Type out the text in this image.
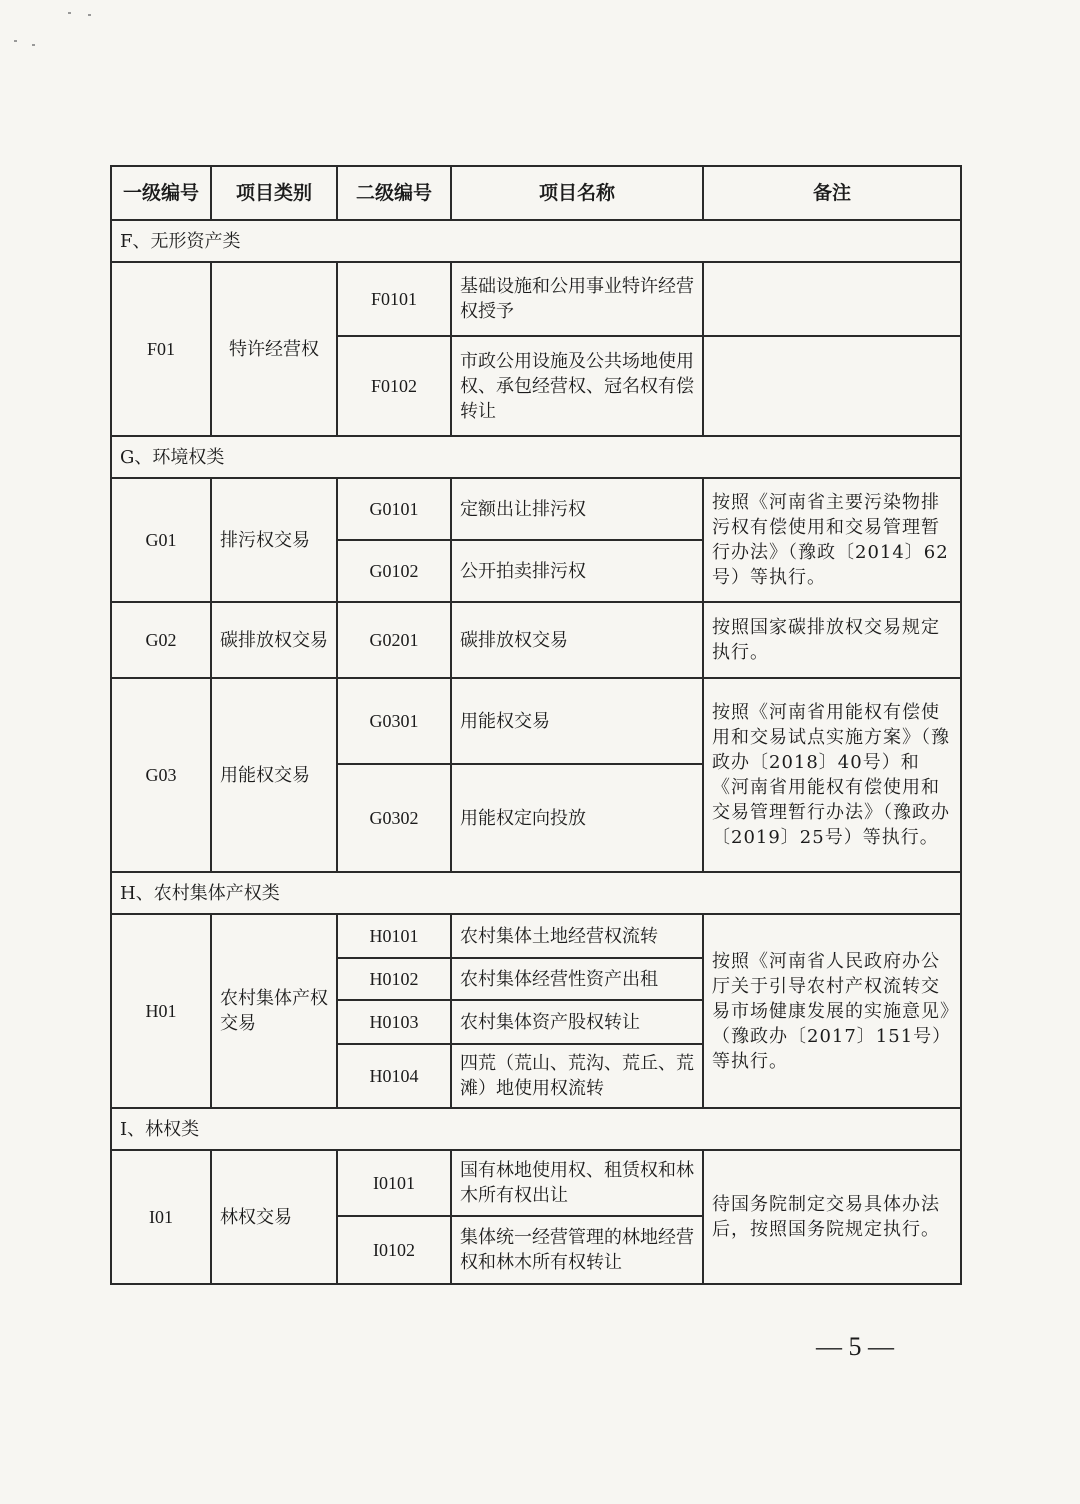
一级编号	项目类别	二级编号	项目名称	备注
F、无形资产类				
F01	特许经营权	F0101	基础设施和公用事业特许经营权授予	
		F0102	市政公用设施及公共场地使用权、承包经营权、冠名权有偿转让	
G、环境权类				
G01	排污权交易	G0101	定额出让排污权	按照《河南省主要污染物排污权有偿使用和交易管理暂行办法》（豫政〔2014〕62号）等执行。
		G0102	公开拍卖排污权	
G02	碳排放权交易	G0201	碳排放权交易	按照国家碳排放权交易规定执行。
G03	用能权交易	G0301	用能权交易	按照《河南省用能权有偿使用和交易试点实施方案》（豫政办〔2018〕40号）和《河南省用能权有偿使用和交易管理暂行办法》（豫政办〔2019〕25号）等执行。
		G0302	用能权定向投放	
H、农村集体产权类				
H01	农村集体产权交易	H0101	农村集体土地经营权流转	按照《河南省人民政府办公厅关于引导农村产权流转交易市场健康发展的实施意见》（豫政办〔2017〕151号）等执行。
		H0102	农村集体经营性资产出租	
		H0103	农村集体资产股权转让	
		H0104	四荒（荒山、荒沟、荒丘、荒滩）地使用权流转	
I、林权类				
I01	林权交易	I0101	国有林地使用权、租赁权和林木所有权出让	待国务院制定交易具体办法后，按照国务院规定执行。
		I0102	集体统一经营管理的林地经营权和林木所有权转让	
— 5 —
